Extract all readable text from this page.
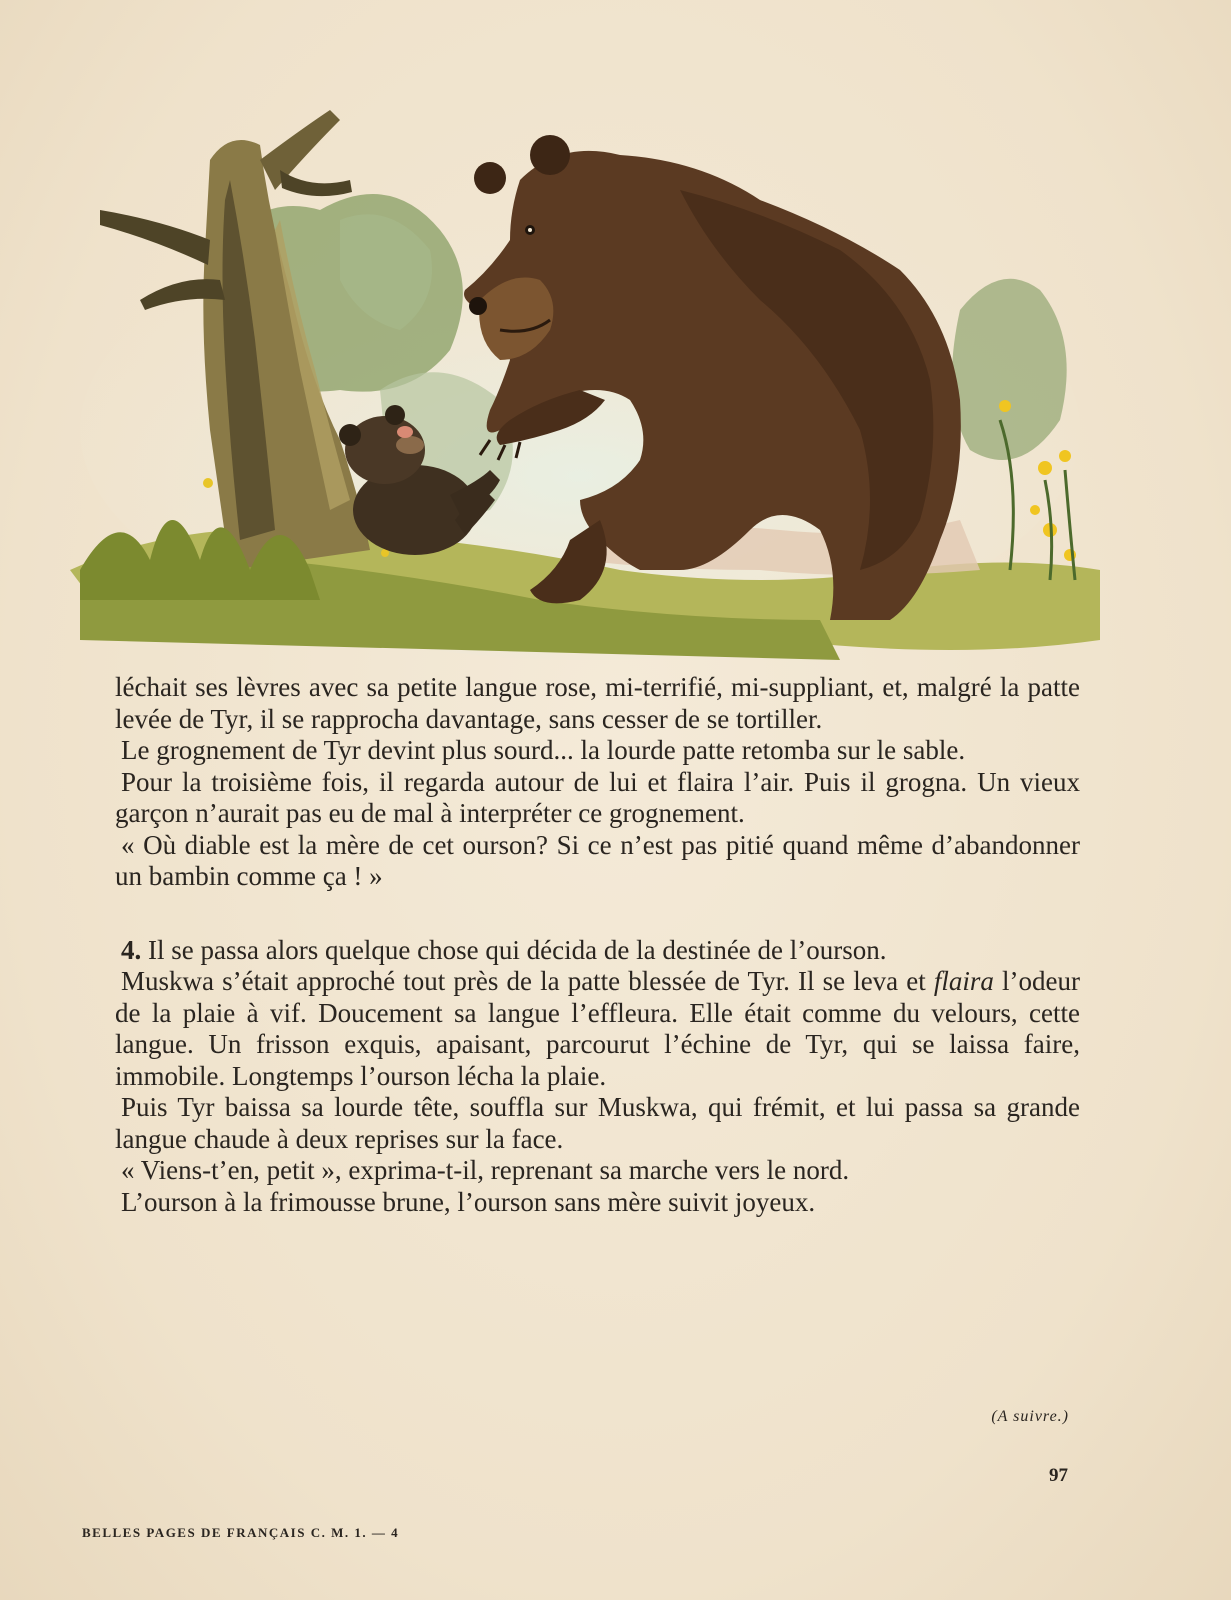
léchait ses lèvres avec sa petite langue rose, mi-terrifié, mi-suppliant, et, malgré la patte levée de Tyr, il se rapprocha davantage, sans cesser de se tortiller.

Le grognement de Tyr devint plus sourd... la lourde patte retomba sur le sable.

Pour la troisième fois, il regarda autour de lui et flaira l’air. Puis il grogna. Un vieux garçon n’aurait pas eu de mal à interpréter ce grognement.

« Où diable est la mère de cet ourson? Si ce n’est pas pitié quand même d’abandonner un bambin comme ça ! »

4. Il se passa alors quelque chose qui décida de la destinée de l’ourson.

Muskwa s’était approché tout près de la patte blessée de Tyr. Il se leva et flaira l’odeur de la plaie à vif. Doucement sa langue l’effleura. Elle était comme du velours, cette langue. Un frisson exquis, apaisant, parcourut l’échine de Tyr, qui se laissa faire, immobile. Longtemps l’ourson lécha la plaie.

Puis Tyr baissa sa lourde tête, souffla sur Muskwa, qui frémit, et lui passa sa grande langue chaude à deux reprises sur la face.

« Viens-t’en, petit », exprima-t-il, reprenant sa marche vers le nord.

L’ourson à la frimousse brune, l’ourson sans mère suivit joyeux.

(A suivre.)
97
BELLES PAGES DE FRANÇAIS C. M. 1. — 4
